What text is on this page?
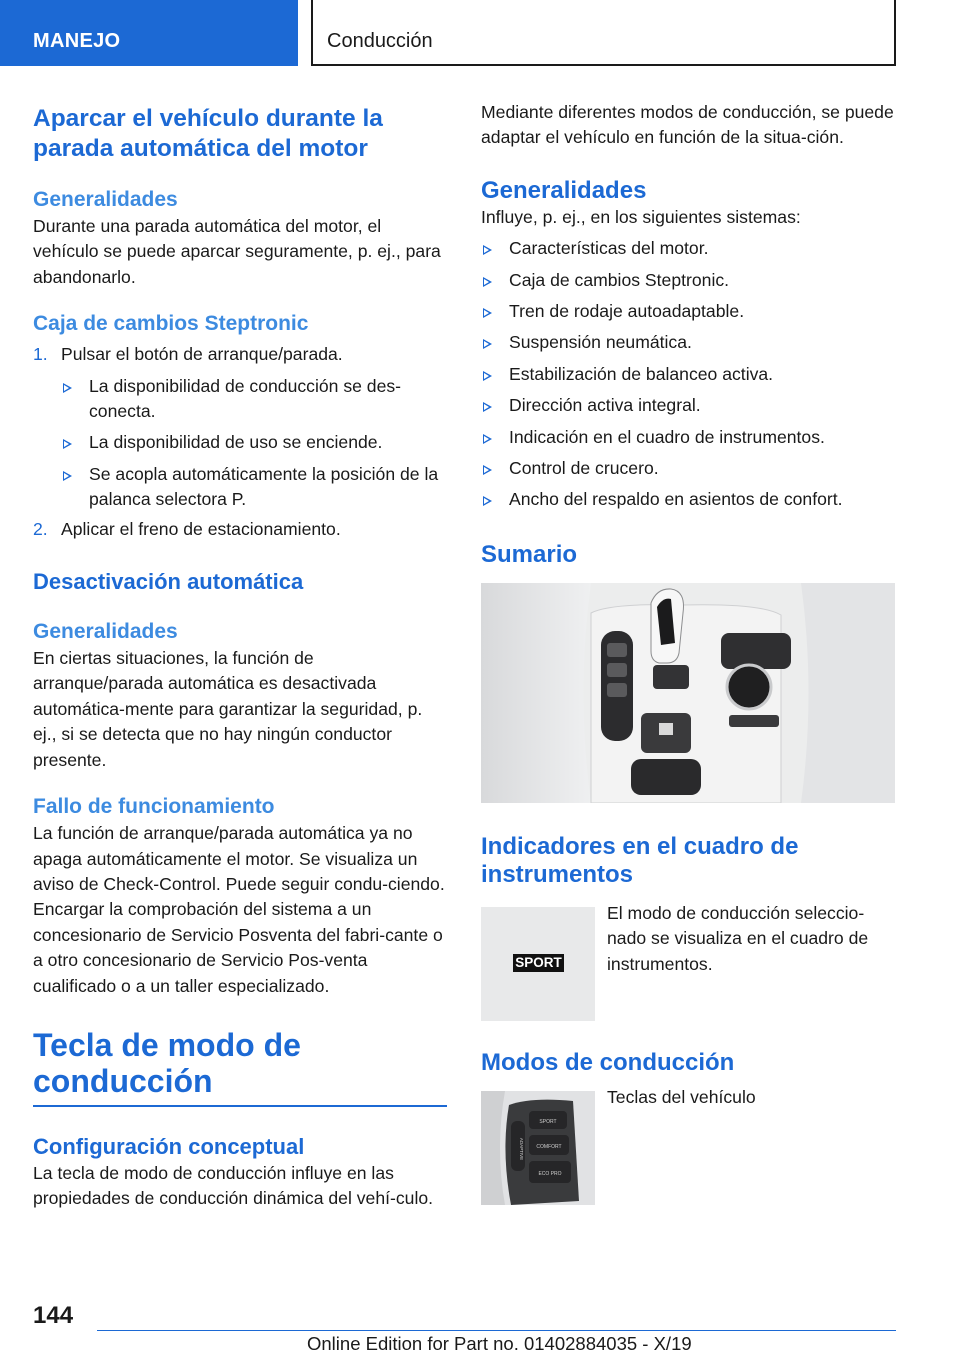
MANEJO	Conducción
Aparcar el vehículo durante la parada automática del motor
Generalidades
Durante una parada automática del motor, el vehículo se puede aparcar seguramente, p. ej., para abandonarlo.
Caja de cambios Steptronic
1. Pulsar el botón de arranque/parada.
La disponibilidad de conducción se des-conecta.
La disponibilidad de uso se enciende.
Se acopla automáticamente la posición de la palanca selectora P.
2. Aplicar el freno de estacionamiento.
Desactivación automática
Generalidades
En ciertas situaciones, la función de arranque/parada automática es desactivada automática-mente para garantizar la seguridad, p. ej., si se detecta que no hay ningún conductor presente.
Fallo de funcionamiento
La función de arranque/parada automática ya no apaga automáticamente el motor. Se visualiza un aviso de Check-Control. Puede seguir condu-ciendo. Encargar la comprobación del sistema a un concesionario de Servicio Posventa del fabri-cante o a otro concesionario de Servicio Pos-venta cualificado o a un taller especializado.
Tecla de modo de conducción
Configuración conceptual
La tecla de modo de conducción influye en las propiedades de conducción dinámica del vehí-culo.
Mediante diferentes modos de conducción, se puede adaptar el vehículo en función de la situa-ción.
Generalidades
Influye, p. ej., en los siguientes sistemas:
Características del motor.
Caja de cambios Steptronic.
Tren de rodaje autoadaptable.
Suspensión neumática.
Estabilización de balanceo activa.
Dirección activa integral.
Indicación en el cuadro de instrumentos.
Control de crucero.
Ancho del respaldo en asientos de confort.
Sumario
Indicadores en el cuadro de instrumentos
SPORT
El modo de conducción seleccio-nado se visualiza en el cuadro de instrumentos.
Modos de conducción
SPORT
COMFORT
ECO PRO
ADAPTIVE
Teclas del vehículo
144
Online Edition for Part no. 01402884035 - X/19
